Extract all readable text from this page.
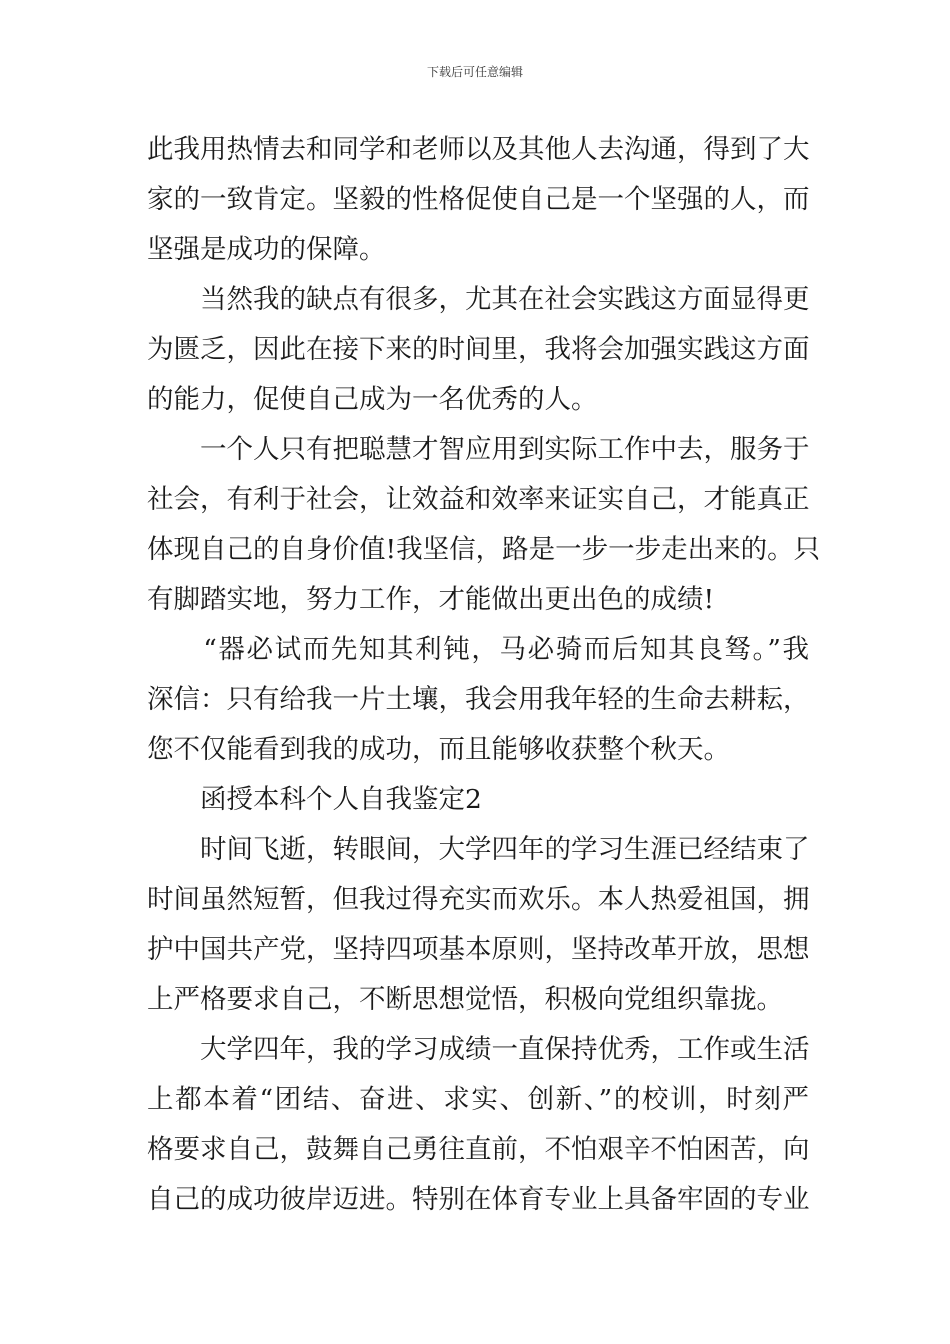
下载后可任意编辑
此我用热情去和同学和老师以及其他人去沟通，得到了大
家的一致肯定。坚毅的性格促使自己是一个坚强的人，而
坚强是成功的保障。
　　当然我的缺点有很多，尤其在社会实践这方面显得更
为匮乏，因此在接下来的时间里，我将会加强实践这方面
的能力，促使自己成为一名优秀的人。
　　一个人只有把聪慧才智应用到实际工作中去，服务于
社会，有利于社会，让效益和效率来证实自己，才能真正
体现自己的自身价值!我坚信，路是一步一步走出来的。只
有脚踏实地，努力工作，才能做出更出色的成绩!
　　“器必试而先知其利钝，马必骑而后知其良驽。”我
深信：只有给我一片土壤，我会用我年轻的生命去耕耘，
您不仅能看到我的成功，而且能够收获整个秋天。
　　函授本科个人自我鉴定2
　　时间飞逝，转眼间，大学四年的学习生涯已经结束了
时间虽然短暂，但我过得充实而欢乐。本人热爱祖国，拥
护中国共产党，坚持四项基本原则，坚持改革开放，思想
上严格要求自己，不断思想觉悟，积极向党组织靠拢。
　　大学四年，我的学习成绩一直保持优秀，工作或生活
上都本着“团结、奋进、求实、创新、”的校训，时刻严
格要求自己，鼓舞自己勇往直前，不怕艰辛不怕困苦，向
自己的成功彼岸迈进。特别在体育专业上具备牢固的专业
